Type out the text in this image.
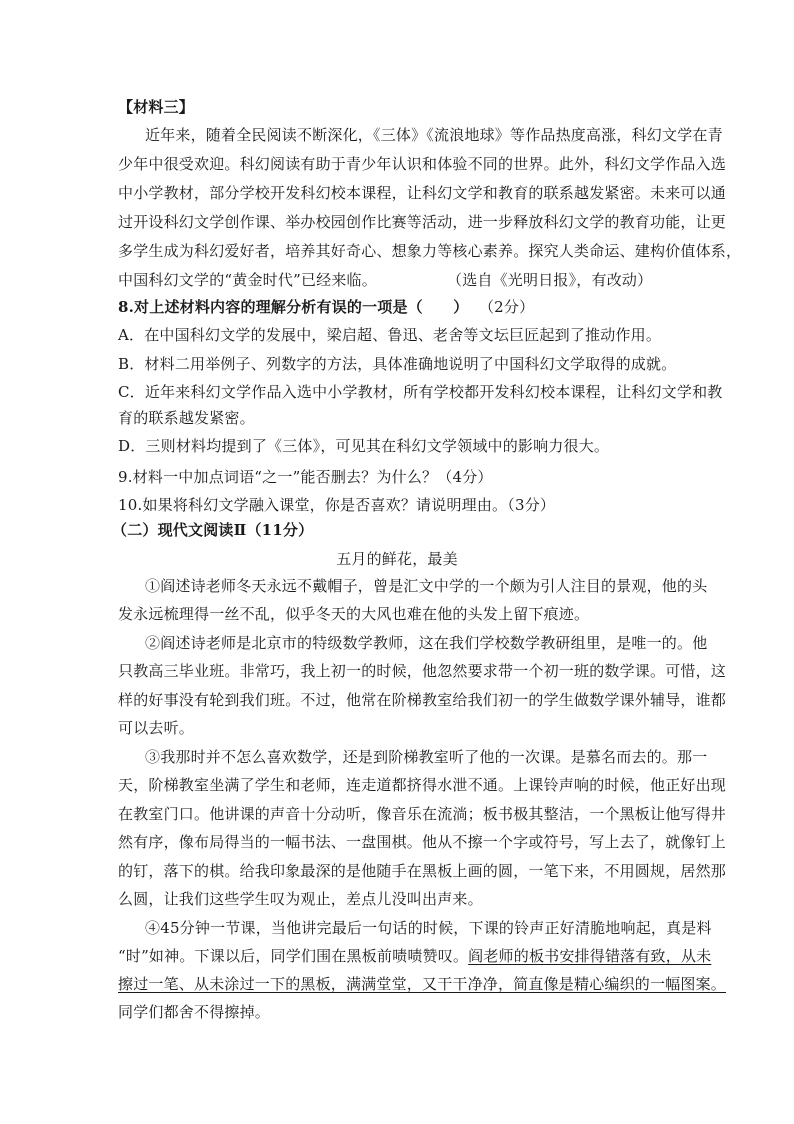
【材料三】
近年来，随着全民阅读不断深化，《三体》《流浪地球》等作品热度高涨，科幻文学在青
少年中很受欢迎。科幻阅读有助于青少年认识和体验不同的世界。此外，科幻文学作品入选
中小学教材，部分学校开发科幻校本课程，让科幻文学和教育的联系越发紧密。未来可以通
过开设科幻文学创作课、举办校园创作比赛等活动，进一步释放科幻文学的教育功能，让更
多学生成为科幻爱好者，培养其好奇心、想象力等核心素养。探究人类命运、建构价值体系，
中国科幻文学的“黄金时代”已经来临。	（选自《光明日报》，有改动）
8.对上述材料内容的理解分析有误的一项是（　　） （2分）
A．在中国科幻文学的发展中，梁启超、鲁迅、老舍等文坛巨匠起到了推动作用。
B．材料二用举例子、列数字的方法，具体准确地说明了中国科幻文学取得的成就。
C．近年来科幻文学作品入选中小学教材，所有学校都开发科幻校本课程，让科幻文学和教
育的联系越发紧密。
D．三则材料均提到了《三体》，可见其在科幻文学领域中的影响力很大。
9.材料一中加点词语“之一”能否删去？为什么？（4分）
10.如果将科幻文学融入课堂，你是否喜欢？请说明理由。（3分）
（二）现代文阅读Ⅱ（11分）
五月的鲜花，最美
①阎述诗老师冬天永远不戴帽子，曾是汇文中学的一个颇为引人注目的景观，他的头
发永远梳理得一丝不乱，似乎冬天的大风也难在他的头发上留下痕迹。
②阎述诗老师是北京市的特级数学教师，这在我们学校数学教研组里，是唯一的。他
只教高三毕业班。非常巧，我上初一的时候，他忽然要求带一个初一班的数学课。可惜，这
样的好事没有轮到我们班。不过，他常在阶梯教室给我们初一的学生做数学课外辅导，谁都
可以去听。
③我那时并不怎么喜欢数学，还是到阶梯教室听了他的一次课。是慕名而去的。那一
天，阶梯教室坐满了学生和老师，连走道都挤得水泄不通。上课铃声响的时候，他正好出现
在教室门口。他讲课的声音十分动听，像音乐在流淌；板书极其整洁，一个黑板让他写得井
然有序，像布局得当的一幅书法、一盘围棋。他从不擦一个字或符号，写上去了，就像钉上
的钉，落下的棋。给我印象最深的是他随手在黑板上画的圆，一笔下来，不用圆规，居然那
么圆，让我们这些学生叹为观止，差点儿没叫出声来。
④45分钟一节课，当他讲完最后一句话的时候，下课的铃声正好清脆地响起，真是料
“时”如神。下课以后，同学们围在黑板前啧啧赞叹。阎老师的板书安排得错落有致，从未
擦过一笔、从未涂过一下的黑板，满满堂堂，又干干净净，简直像是精心编织的一幅图案。
同学们都舍不得擦掉。
